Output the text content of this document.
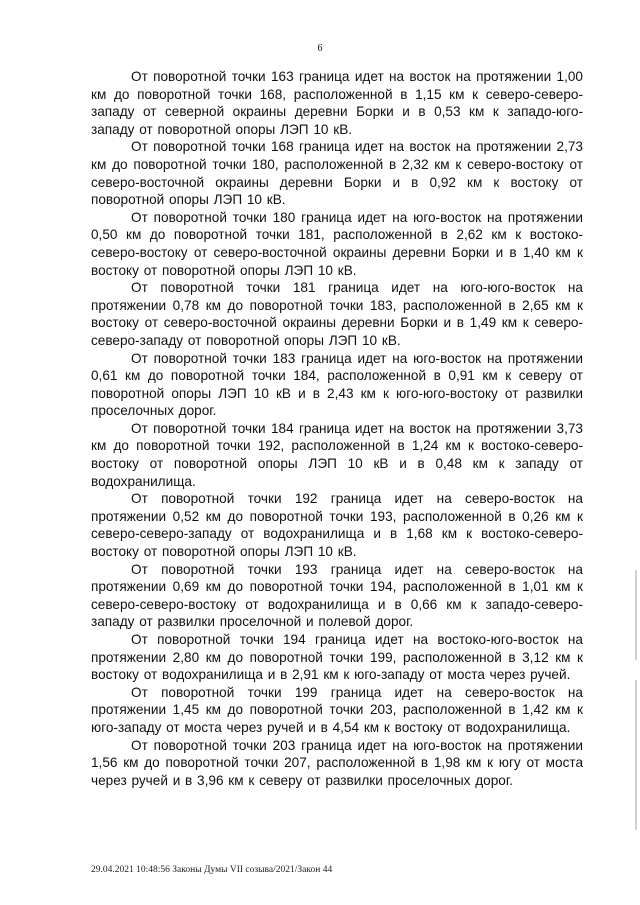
6

От поворотной точки 163 граница идет на восток на протяжении 1,00 км до поворотной точки 168, расположенной в 1,15 км к северо-северо-западу от северной окраины деревни Борки и в 0,53 км к западо-юго-западу от поворотной опоры ЛЭП 10 кВ.

От поворотной точки 168 граница идет на восток на протяжении 2,73 км до поворотной точки 180, расположенной в 2,32 км к северо-востоку от северо-восточной окраины деревни Борки и в 0,92 км к востоку от поворотной опоры ЛЭП 10 кВ.

От поворотной точки 180 граница идет на юго-восток на протяжении 0,50 км до поворотной точки 181, расположенной в 2,62 км к востоко-северо-востоку от северо-восточной окраины деревни Борки и в 1,40 км к востоку от поворотной опоры ЛЭП 10 кВ.

От поворотной точки 181 граница идет на юго-юго-восток на протяжении 0,78 км до поворотной точки 183, расположенной в 2,65 км к востоку от северо-восточной окраины деревни Борки и в 1,49 км к северо-северо-западу от поворотной опоры ЛЭП 10 кВ.

От поворотной точки 183 граница идет на юго-восток на протяжении 0,61 км до поворотной точки 184, расположенной в 0,91 км к северу от поворотной опоры ЛЭП 10 кВ и в 2,43 км к юго-юго-востоку от развилки проселочных дорог.

От поворотной точки 184 граница идет на восток на протяжении 3,73 км до поворотной точки 192, расположенной в 1,24 км к востоко-северо-востоку от поворотной опоры ЛЭП 10 кВ и в 0,48 км к западу от водохранилища.

От поворотной точки 192 граница идет на северо-восток на протяжении 0,52 км до поворотной точки 193, расположенной в 0,26 км к северо-северо-западу от водохранилища и в 1,68 км к востоко-северо-востоку от поворотной опоры ЛЭП 10 кВ.

От поворотной точки 193 граница идет на северо-восток на протяжении 0,69 км до поворотной точки 194, расположенной в 1,01 км к северо-северо-востоку от водохранилища и в 0,66 км к западо-северо-западу от развилки проселочной и полевой дорог.

От поворотной точки 194 граница идет на востоко-юго-восток на протяжении 2,80 км до поворотной точки 199, расположенной в 3,12 км к востоку от водохранилища и в 2,91 км к юго-западу от моста через ручей.

От поворотной точки 199 граница идет на северо-восток на протяжении 1,45 км до поворотной точки 203, расположенной в 1,42 км к юго-западу от моста через ручей и в 4,54 км к востоку от водохранилища.

От поворотной точки 203 граница идет на юго-восток на протяжении 1,56 км до поворотной точки 207, расположенной в 1,98 км к югу от моста через ручей и в 3,96 км к северу от развилки проселочных дорог.

29.04.2021 10:48:56 Законы Думы VII созыва/2021/Закон 44
